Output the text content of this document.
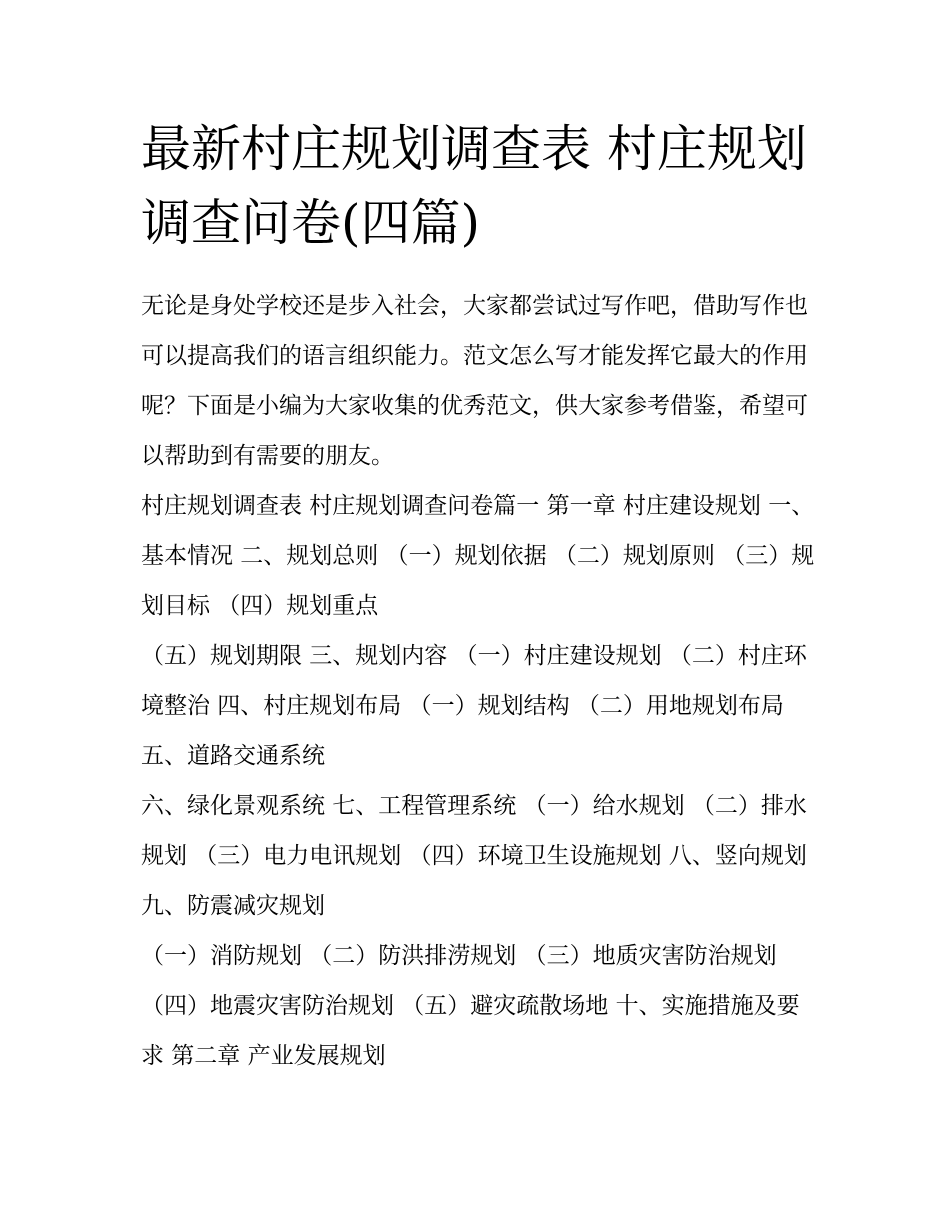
最新村庄规划调查表 村庄规划调查问卷(四篇)

无论是身处学校还是步入社会，大家都尝试过写作吧，借助写作也可以提高我们的语言组织能力。范文怎么写才能发挥它最大的作用呢？下面是小编为大家收集的优秀范文，供大家参考借鉴，希望可以帮助到有需要的朋友。

村庄规划调查表 村庄规划调查问卷篇一 第一章 村庄建设规划 一、基本情况 二、规划总则 （一）规划依据 （二）规划原则 （三）规划目标 （四）规划重点

（五）规划期限 三、规划内容 （一）村庄建设规划 （二）村庄环境整治 四、村庄规划布局 （一）规划结构 （二）用地规划布局 五、道路交通系统

六、绿化景观系统 七、工程管理系统 （一）给水规划 （二）排水规划 （三）电力电讯规划 （四）环境卫生设施规划 八、竖向规划 九、防震减灾规划

（一）消防规划 （二）防洪排涝规划 （三）地质灾害防治规划 （四）地震灾害防治规划 （五）避灾疏散场地 十、实施措施及要求 第二章 产业发展规划
